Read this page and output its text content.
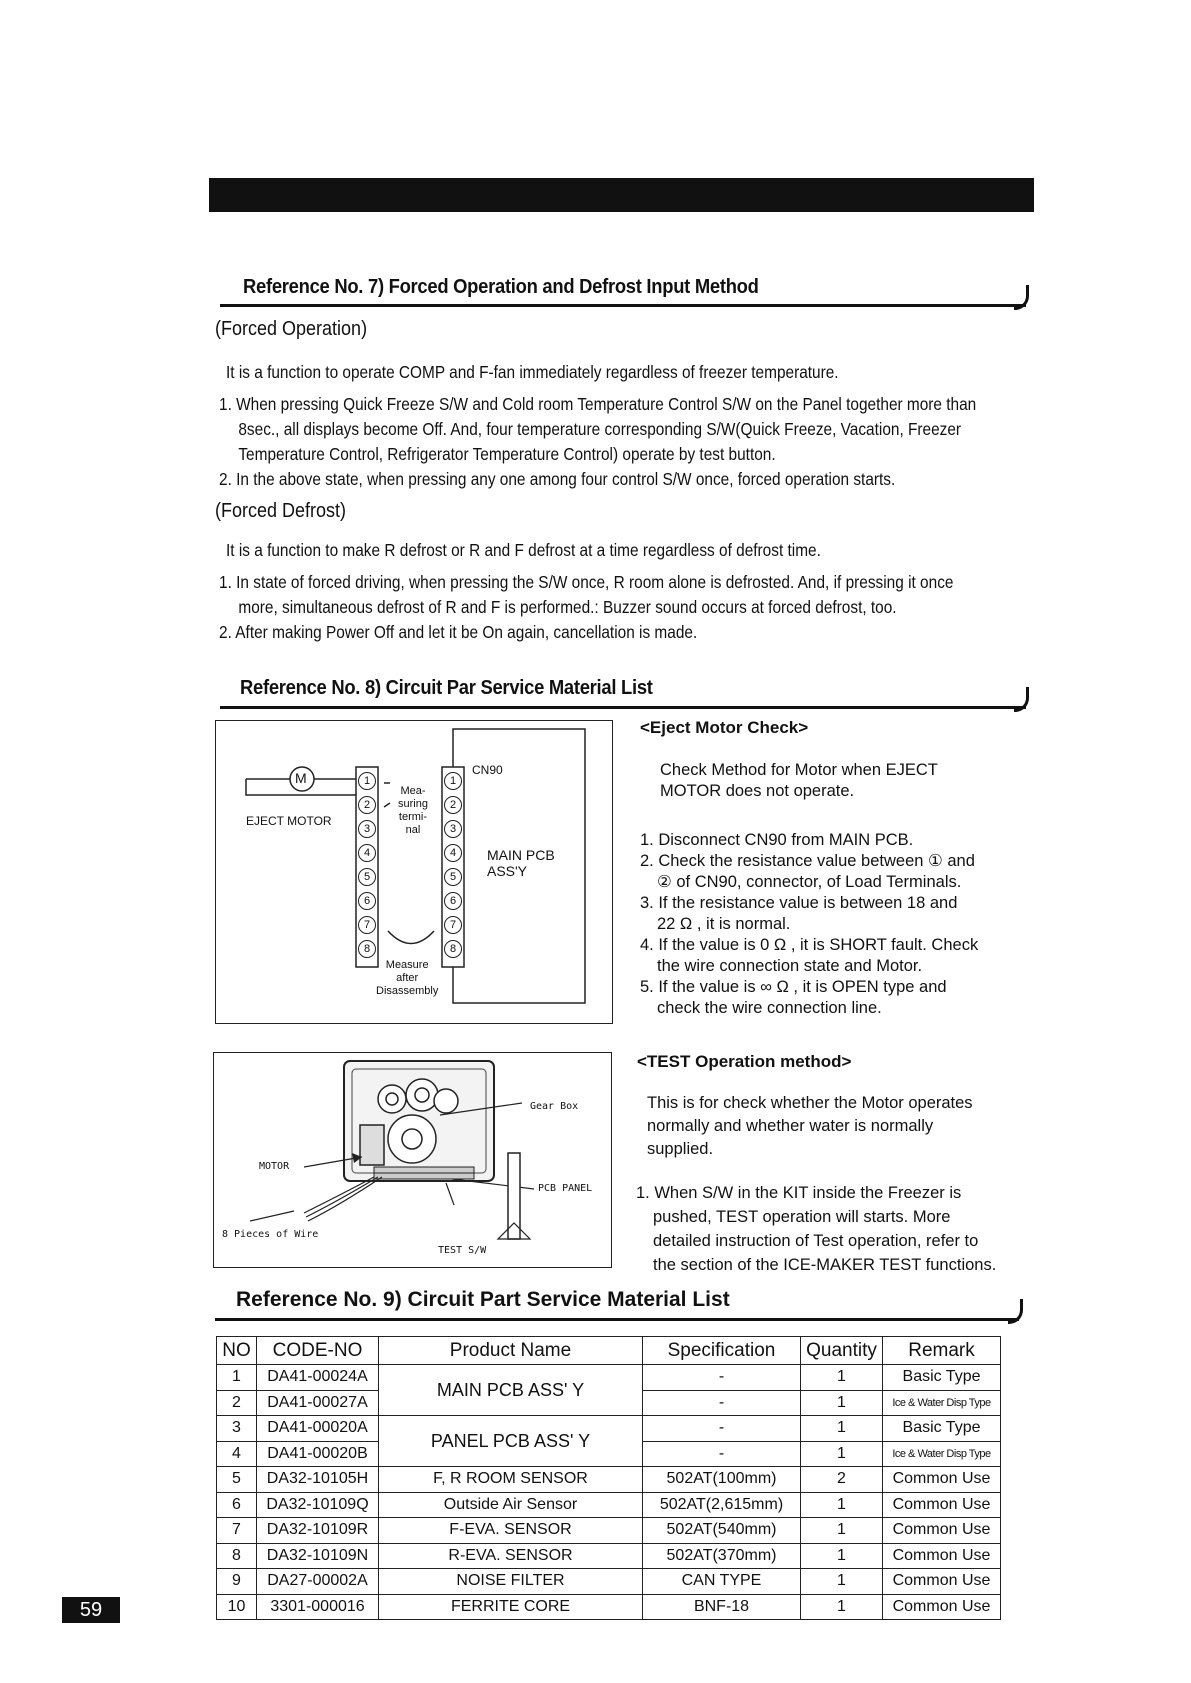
Reference No. 7) Forced Operation and Defrost Input Method
(Forced Operation)
It is a function to operate COMP and F-fan immediately regardless of freezer temperature.
1. When pressing Quick Freeze S/W and Cold room Temperature Control S/W on the Panel together more than
8sec., all displays become Off. And, four temperature corresponding S/W(Quick Freeze, Vacation, Freezer
Temperature Control, Refrigerator Temperature Control) operate by test button.
2. In the above state, when pressing any one among four control S/W once, forced operation starts.
(Forced Defrost)
It is a function to make R defrost or R and F defrost at a time regardless of defrost time.
1. In state of forced driving, when pressing the S/W once, R room alone is defrosted. And, if pressing it once
more, simultaneous defrost of R and F is performed.: Buzzer sound occurs at forced defrost, too.
2. After making Power Off and let it be On again, cancellation is made.
Reference No. 8) Circuit Par Service Material List
M
EJECT MOTOR
CN90
MAIN PCB
ASS'Y
Mea-
suring
termi-
nal
Measure
after
Disassembly
1
2
3
4
5
6
7
8
1
2
3
4
5
6
7
8
<Eject Motor Check>
Check Method for Motor when EJECT
MOTOR does not operate.
1. Disconnect CN90 from MAIN PCB.
2. Check the resistance value between ① and
② of CN90, connector, of Load Terminals.
3. If the resistance value is between 18 and
22 Ω , it is normal.
4. If the value is 0 Ω , it is SHORT fault. Check
the wire connection state and Motor.
5. If the value is ∞ Ω , it is OPEN type and
check the wire connection line.
Gear Box
MOTOR
PCB PANEL
8 Pieces of Wire
TEST S/W
<TEST Operation method>
This is for check whether the Motor operates
normally and whether water is normally
supplied.
1. When S/W in the KIT inside the Freezer is
pushed, TEST operation will starts. More
detailed instruction of Test operation, refer to
the section of the ICE-MAKER TEST functions.
Reference No. 9) Circuit Part Service Material List
NO	CODE-NO	Product Name	Specification	Quantity	Remark
1	DA41-00024A	MAIN PCB ASS' Y	-	1	Basic Type
2	DA41-00027A		-	1	Ice & Water Disp Type
3	DA41-00020A	PANEL PCB ASS' Y	-	1	Basic Type
4	DA41-00020B		-	1	Ice & Water Disp Type
5	DA32-10105H	F, R ROOM SENSOR	502AT(100mm)	2	Common Use
6	DA32-10109Q	Outside Air Sensor	502AT(2,615mm)	1	Common Use
7	DA32-10109R	F-EVA. SENSOR	502AT(540mm)	1	Common Use
8	DA32-10109N	R-EVA. SENSOR	502AT(370mm)	1	Common Use
9	DA27-00002A	NOISE FILTER	CAN TYPE	1	Common Use
10	3301-000016	FERRITE CORE	BNF-18	1	Common Use
59
